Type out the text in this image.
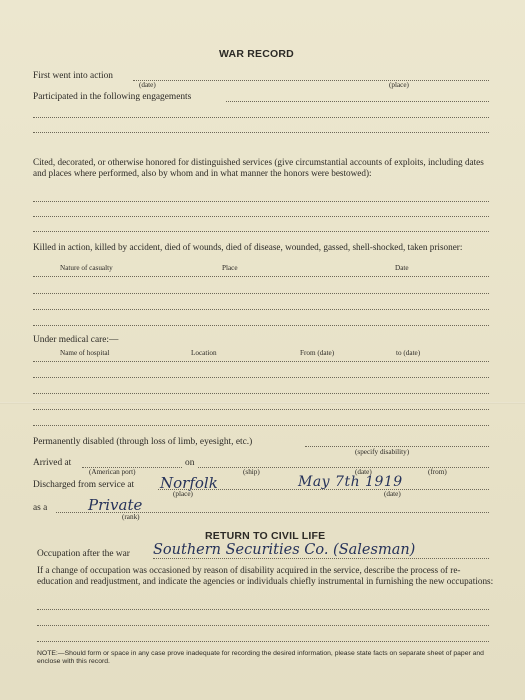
WAR RECORD
First went into action
(date)	(place)
Participated in the following engagements
Cited, decorated, or otherwise honored for distinguished services (give circumstantial accounts of exploits, including dates and places where performed, also by whom and in what manner the honors were bestowed):
Killed in action, killed by accident, died of wounds, died of disease, wounded, gassed, shell-shocked, taken prisoner:
Nature of casualty	Place	Date
Under medical care:—
Name of hospital	Location	From (date)	to (date)
Permanently disabled (through loss of limb, eyesight, etc.)
(specify disability)
Arrived at	on
(American port)	(ship)	(date)	(from)
Discharged from service at Norfolk	May 7th 1919
(place)	(date)
as a	Private
(rank)
RETURN TO CIVIL LIFE
Occupation after the war Southern Securities Co. (Salesman)
If a change of occupation was occasioned by reason of disability acquired in the service, describe the process of re-education and readjustment, and indicate the agencies or individuals chiefly instrumental in furnishing the new occupations:
NOTE:—Should form or space in any case prove inadequate for recording the desired information, please state facts on separate sheet of paper and enclose with this record.
